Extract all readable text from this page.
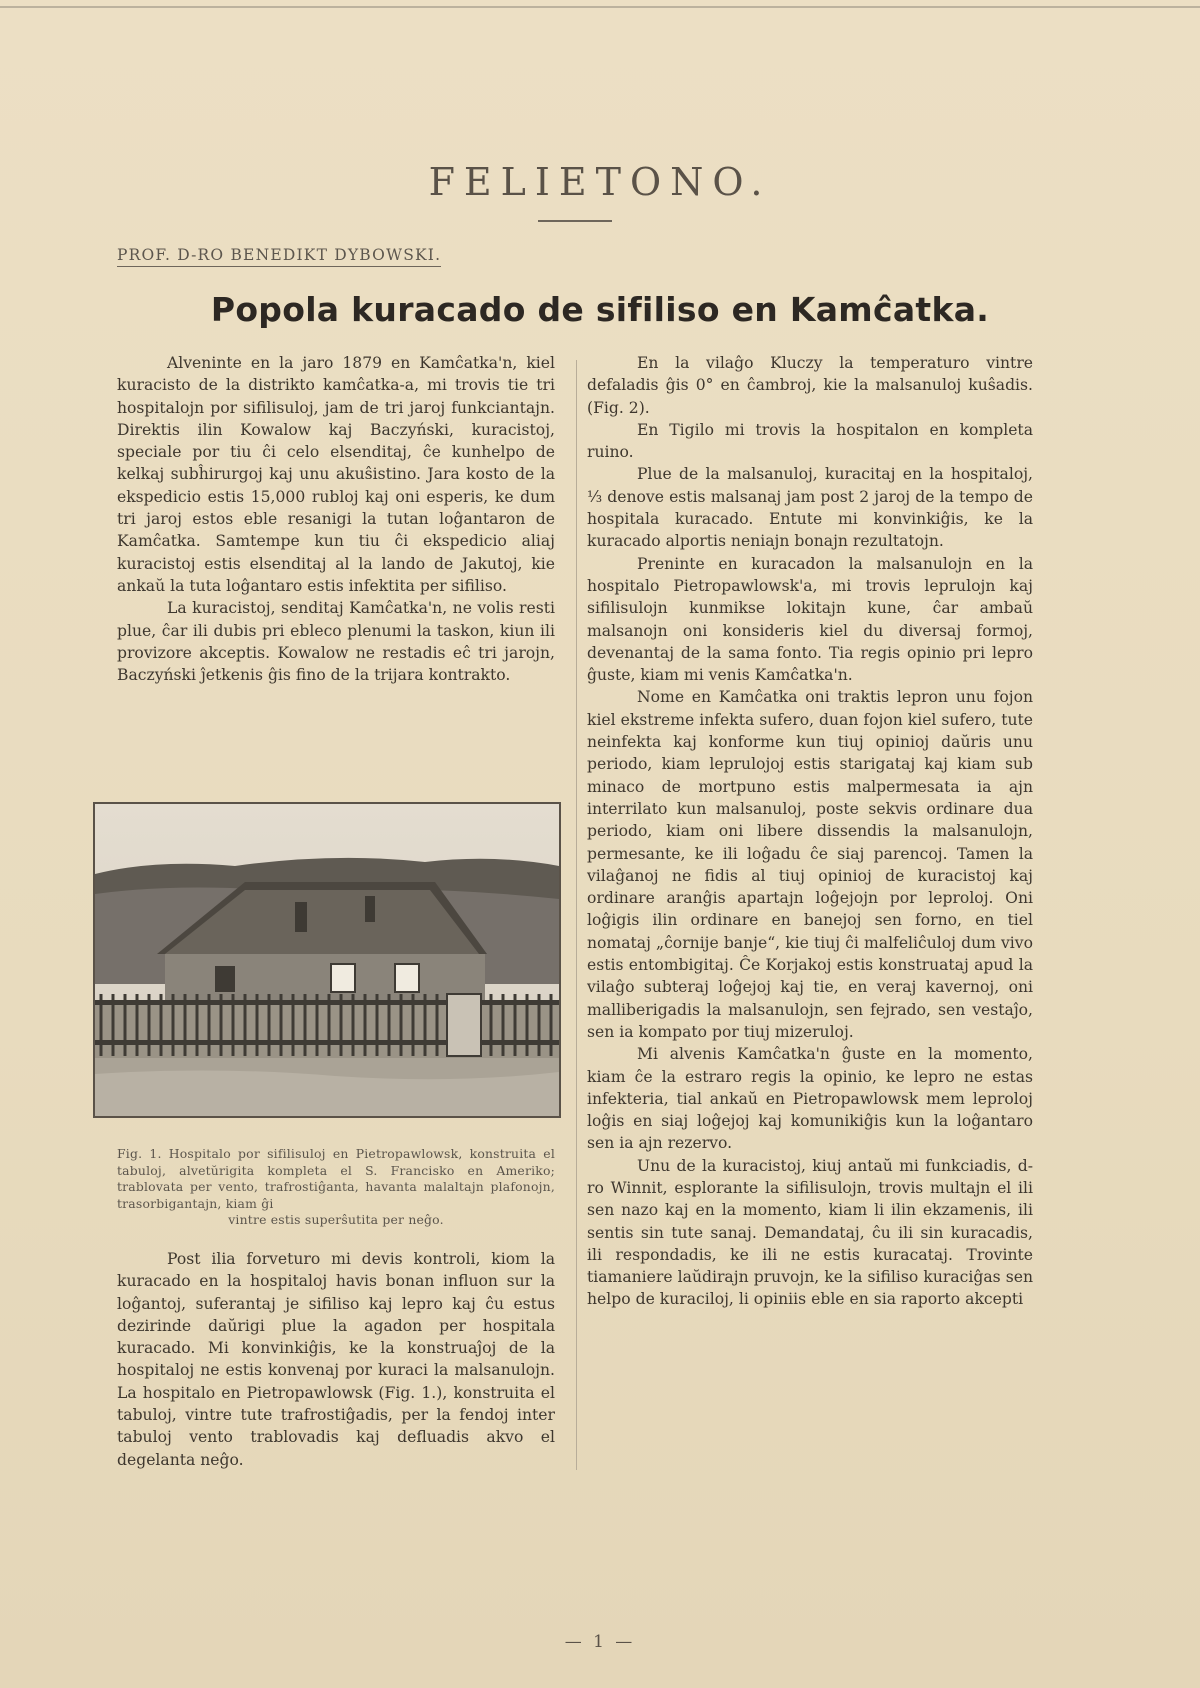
FELIETONO.
PROF. D-RO BENEDIKT DYBOWSKI.
Popola kuracado de sifiliso en Kamĉatka.

Alveninte en la jaro 1879 en Kamĉatka'n, kiel kuracisto de la distrikto kamĉatka-a, mi trovis tie tri hospitalojn por sifilisuloj, jam de tri jaroj funkciantajn. Direktis ilin Kowalow kaj Baczyński, kuracistoj, speciale por tiu ĉi celo elsenditaj, ĉe kunhelpo de kelkaj subĥirurgoj kaj unu akuŝistino. Jara kosto de la ekspedicio estis 15,000 rubloj kaj oni esperis, ke dum tri jaroj estos eble resanigi la tutan loĝantaron de Kamĉatka. Samtempe kun tiu ĉi ekspedicio aliaj kuracistoj estis elsenditaj al la lando de Jakutoj, kie ankaŭ la tuta loĝantaro estis infektita per sifiliso.

La kuracistoj, senditaj Kamĉatka'n, ne volis resti plue, ĉar ili dubis pri ebleco plenumi la taskon, kiun ili provizore akceptis. Kowalow ne restadis eĉ tri jarojn, Baczyński ĵetkenis ĝis fino de la trijara kontrakto.

Fig. 1. Hospitalo por sifilisuloj en Pietropawlowsk, konstruita el tabuloj, alvetŭrigita kompleta el S. Francisko en Ameriko; trablovata per vento, trafrostiĝanta, havanta malaltajn plafonojn, trasorbigantajn, kiam ĝi
vintre estis superŝutita per neĝo.

Post ilia forveturo mi devis kontroli, kiom la kuracado en la hospitaloj havis bonan influon sur la loĝantoj, suferantaj je sifiliso kaj lepro kaj ĉu estus dezirinde daŭrigi plue la agadon per hospitala kuracado. Mi konvinkiĝis, ke la konstruaĵoj de la hospitaloj ne estis konvenaj por kuraci la malsanulojn. La hospitalo en Pietropawlowsk (Fig. 1.), konstruita el tabuloj, vintre tute trafrostiĝadis, per la fendoj inter tabuloj vento trablovadis kaj defluadis akvo el degelanta neĝo.

En la vilaĝo Kluczy la temperaturo vintre defaladis ĝis 0° en ĉambroj, kie la malsanuloj kuŝadis. (Fig. 2).

En Tigilo mi trovis la hospitalon en kompleta ruino.

Plue de la malsanuloj, kuracitaj en la hospitaloj, ⅓ denove estis malsanaj jam post 2 jaroj de la tempo de hospitala kuracado. Entute mi konvinkiĝis, ke la kuracado alportis neniajn bonajn rezultatojn.

Preninte en kuracadon la malsanulojn en la hospitalo Pietropawlowsk'a, mi trovis leprulojn kaj sifilisulojn kunmikse lokitajn kune, ĉar ambaŭ malsanojn oni konsideris kiel du diversaj formoj, devenantaj de la sama fonto. Tia regis opinio pri lepro ĝuste, kiam mi venis Kamĉatka'n.

Nome en Kamĉatka oni traktis lepron unu fojon kiel ekstreme infekta sufero, duan fojon kiel sufero, tute neinfekta kaj konforme kun tiuj opinioj daŭris unu periodo, kiam leprulojoj estis starigataj kaj kiam sub minaco de mortpuno estis malpermesata ia ajn interrilato kun malsanuloj, poste sekvis ordinare dua periodo, kiam oni libere dissendis la malsanulojn, permesante, ke ili loĝadu ĉe siaj parencoj. Tamen la vilaĝanoj ne fidis al tiuj opinioj de kuracistoj kaj ordinare aranĝis apartajn loĝejojn por leproloj. Oni loĝigis ilin ordinare en banejoj sen forno, en tiel nomataj „ĉornije banje“, kie tiuj ĉi malfeliĉuloj dum vivo estis entombigitaj. Ĉe Korjakoj estis konstruataj apud la vilaĝo subteraj loĝejoj kaj tie, en veraj kavernoj, oni malliberigadis la malsanulojn, sen fejrado, sen vestaĵo, sen ia kompato por tiuj mizeruloj.

Mi alvenis Kamĉatka'n ĝuste en la momento, kiam ĉe la estraro regis la opinio, ke lepro ne estas infekteria, tial ankaŭ en Pietropawlowsk mem leproloj loĝis en siaj loĝejoj kaj komunikiĝis kun la loĝantaro sen ia ajn rezervo.

Unu de la kuracistoj, kiuj antaŭ mi funkciadis, d-ro Winnit, esplorante la sifilisulojn, trovis multajn el ili sen nazo kaj en la momento, kiam li ilin ekzamenis, ili sentis sin tute sanaj. Demandataj, ĉu ili sin kuracadis, ili respondadis, ke ili ne estis kuracataj. Trovinte tiamaniere laŭdirajn pruvojn, ke la sifiliso kuraciĝas sen helpo de kuraciloj, li opiniis eble en sia raporto akcepti

— 1 —
